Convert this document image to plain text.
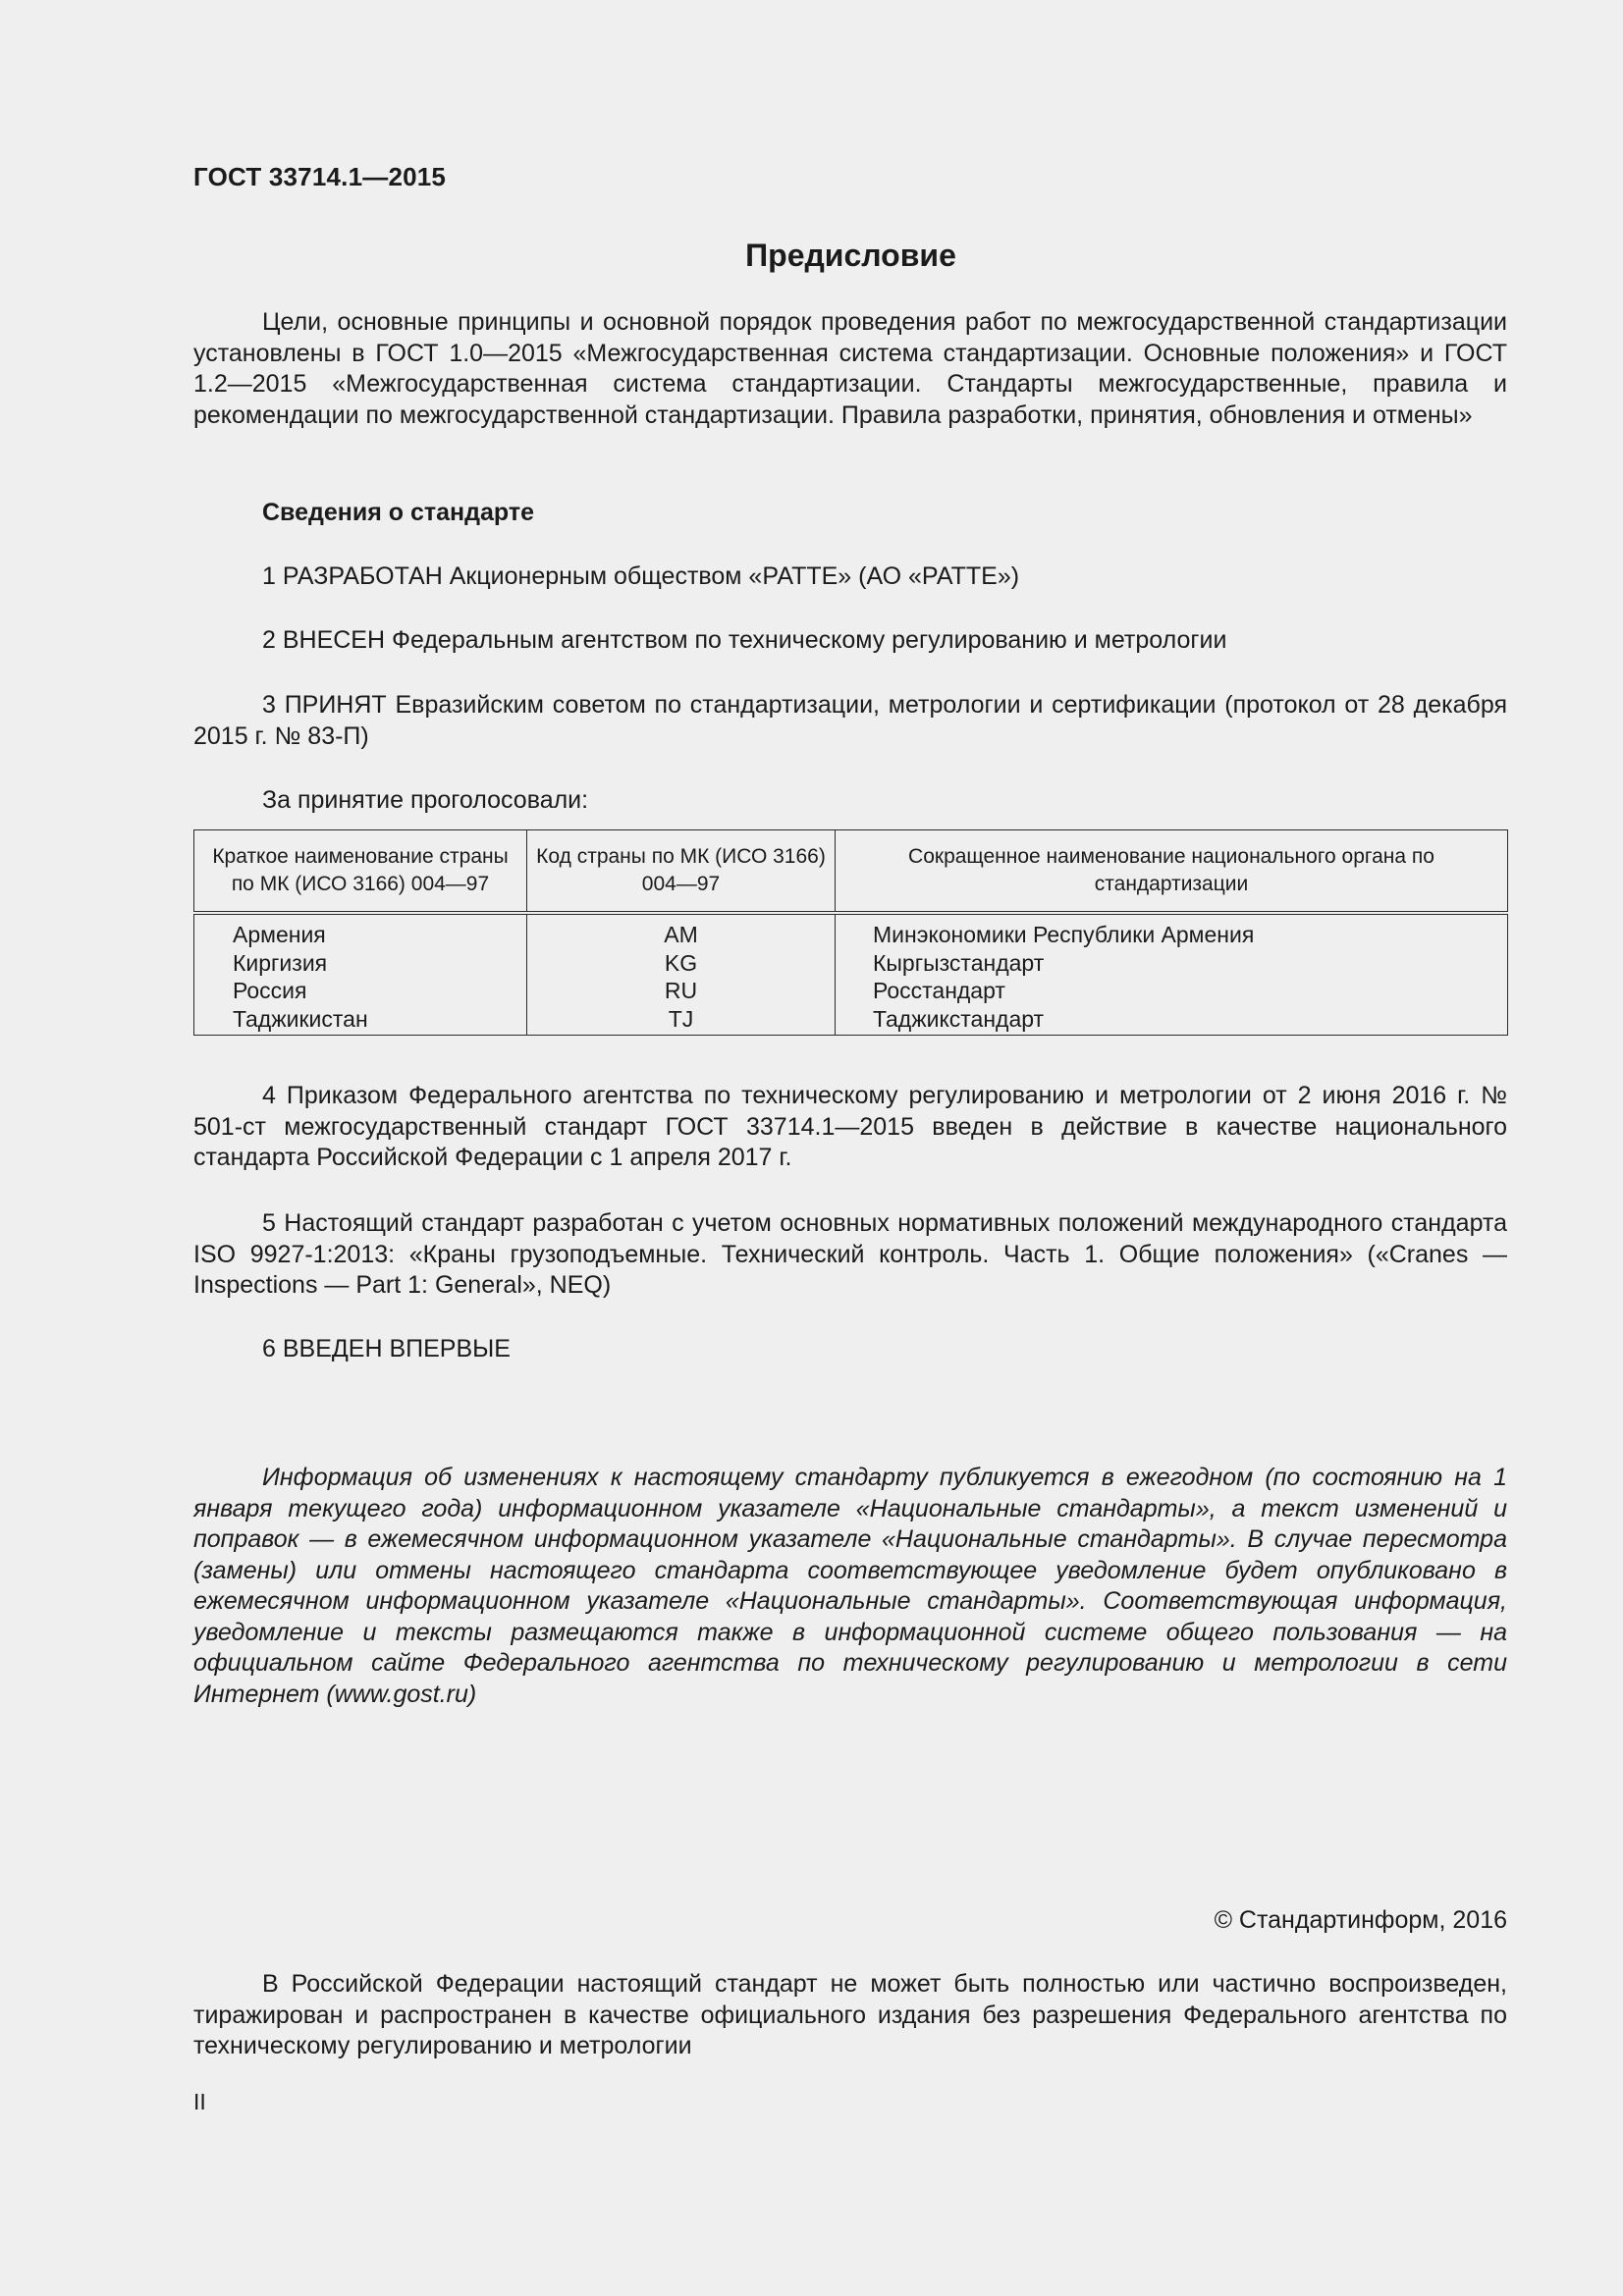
ГОСТ 33714.1—2015
Предисловие
Цели, основные принципы и основной порядок проведения работ по межгосударственной стандартизации установлены в ГОСТ 1.0—2015 «Межгосударственная система стандартизации. Основные положения» и ГОСТ 1.2—2015 «Межгосударственная система стандартизации. Стандарты межгосударственные, правила и рекомендации по межгосударственной стандартизации. Правила разработки, принятия, обновления и отмены»
Сведения о стандарте
1 РАЗРАБОТАН Акционерным обществом «РАТТЕ» (АО «РАТТЕ»)
2 ВНЕСЕН Федеральным агентством по техническому регулированию и метрологии
3 ПРИНЯТ Евразийским советом по стандартизации, метрологии и сертификации (протокол от 28 декабря 2015 г. № 83-П)
За принятие проголосовали:
Краткое наименование страны по МК (ИСО 3166) 004—97	Код страны по МК (ИСО 3166) 004—97	Сокращенное наименование национального органа по стандартизации
Армения	AM	Минэкономики Республики Армения
Киргизия	KG	Кыргызстандарт
Россия	RU	Росстандарт
Таджикистан	TJ	Таджикстандарт
4 Приказом Федерального агентства по техническому регулированию и метрологии от 2 июня 2016 г. № 501-ст межгосударственный стандарт ГОСТ 33714.1—2015 введен в действие в качестве национального стандарта Российской Федерации с 1 апреля 2017 г.
5 Настоящий стандарт разработан с учетом основных нормативных положений международного стандарта ISO 9927-1:2013: «Краны грузоподъемные. Технический контроль. Часть 1. Общие положения» («Cranes — Inspections — Part 1: General», NEQ)
6 ВВЕДЕН ВПЕРВЫЕ
Информация об изменениях к настоящему стандарту публикуется в ежегодном (по состоянию на 1 января текущего года) информационном указателе «Национальные стандарты», а текст изменений и поправок — в ежемесячном информационном указателе «Национальные стандарты». В случае пересмотра (замены) или отмены настоящего стандарта соответствующее уведомление будет опубликовано в ежемесячном информационном указателе «Национальные стандарты». Соответствующая информация, уведомление и тексты размещаются также в информационной системе общего пользования — на официальном сайте Федерального агентства по техническому регулированию и метрологии в сети Интернет (www.gost.ru)
© Стандартинформ, 2016
В Российской Федерации настоящий стандарт не может быть полностью или частично воспроизведен, тиражирован и распространен в качестве официального издания без разрешения Федерального агентства по техническому регулированию и метрологии
II
